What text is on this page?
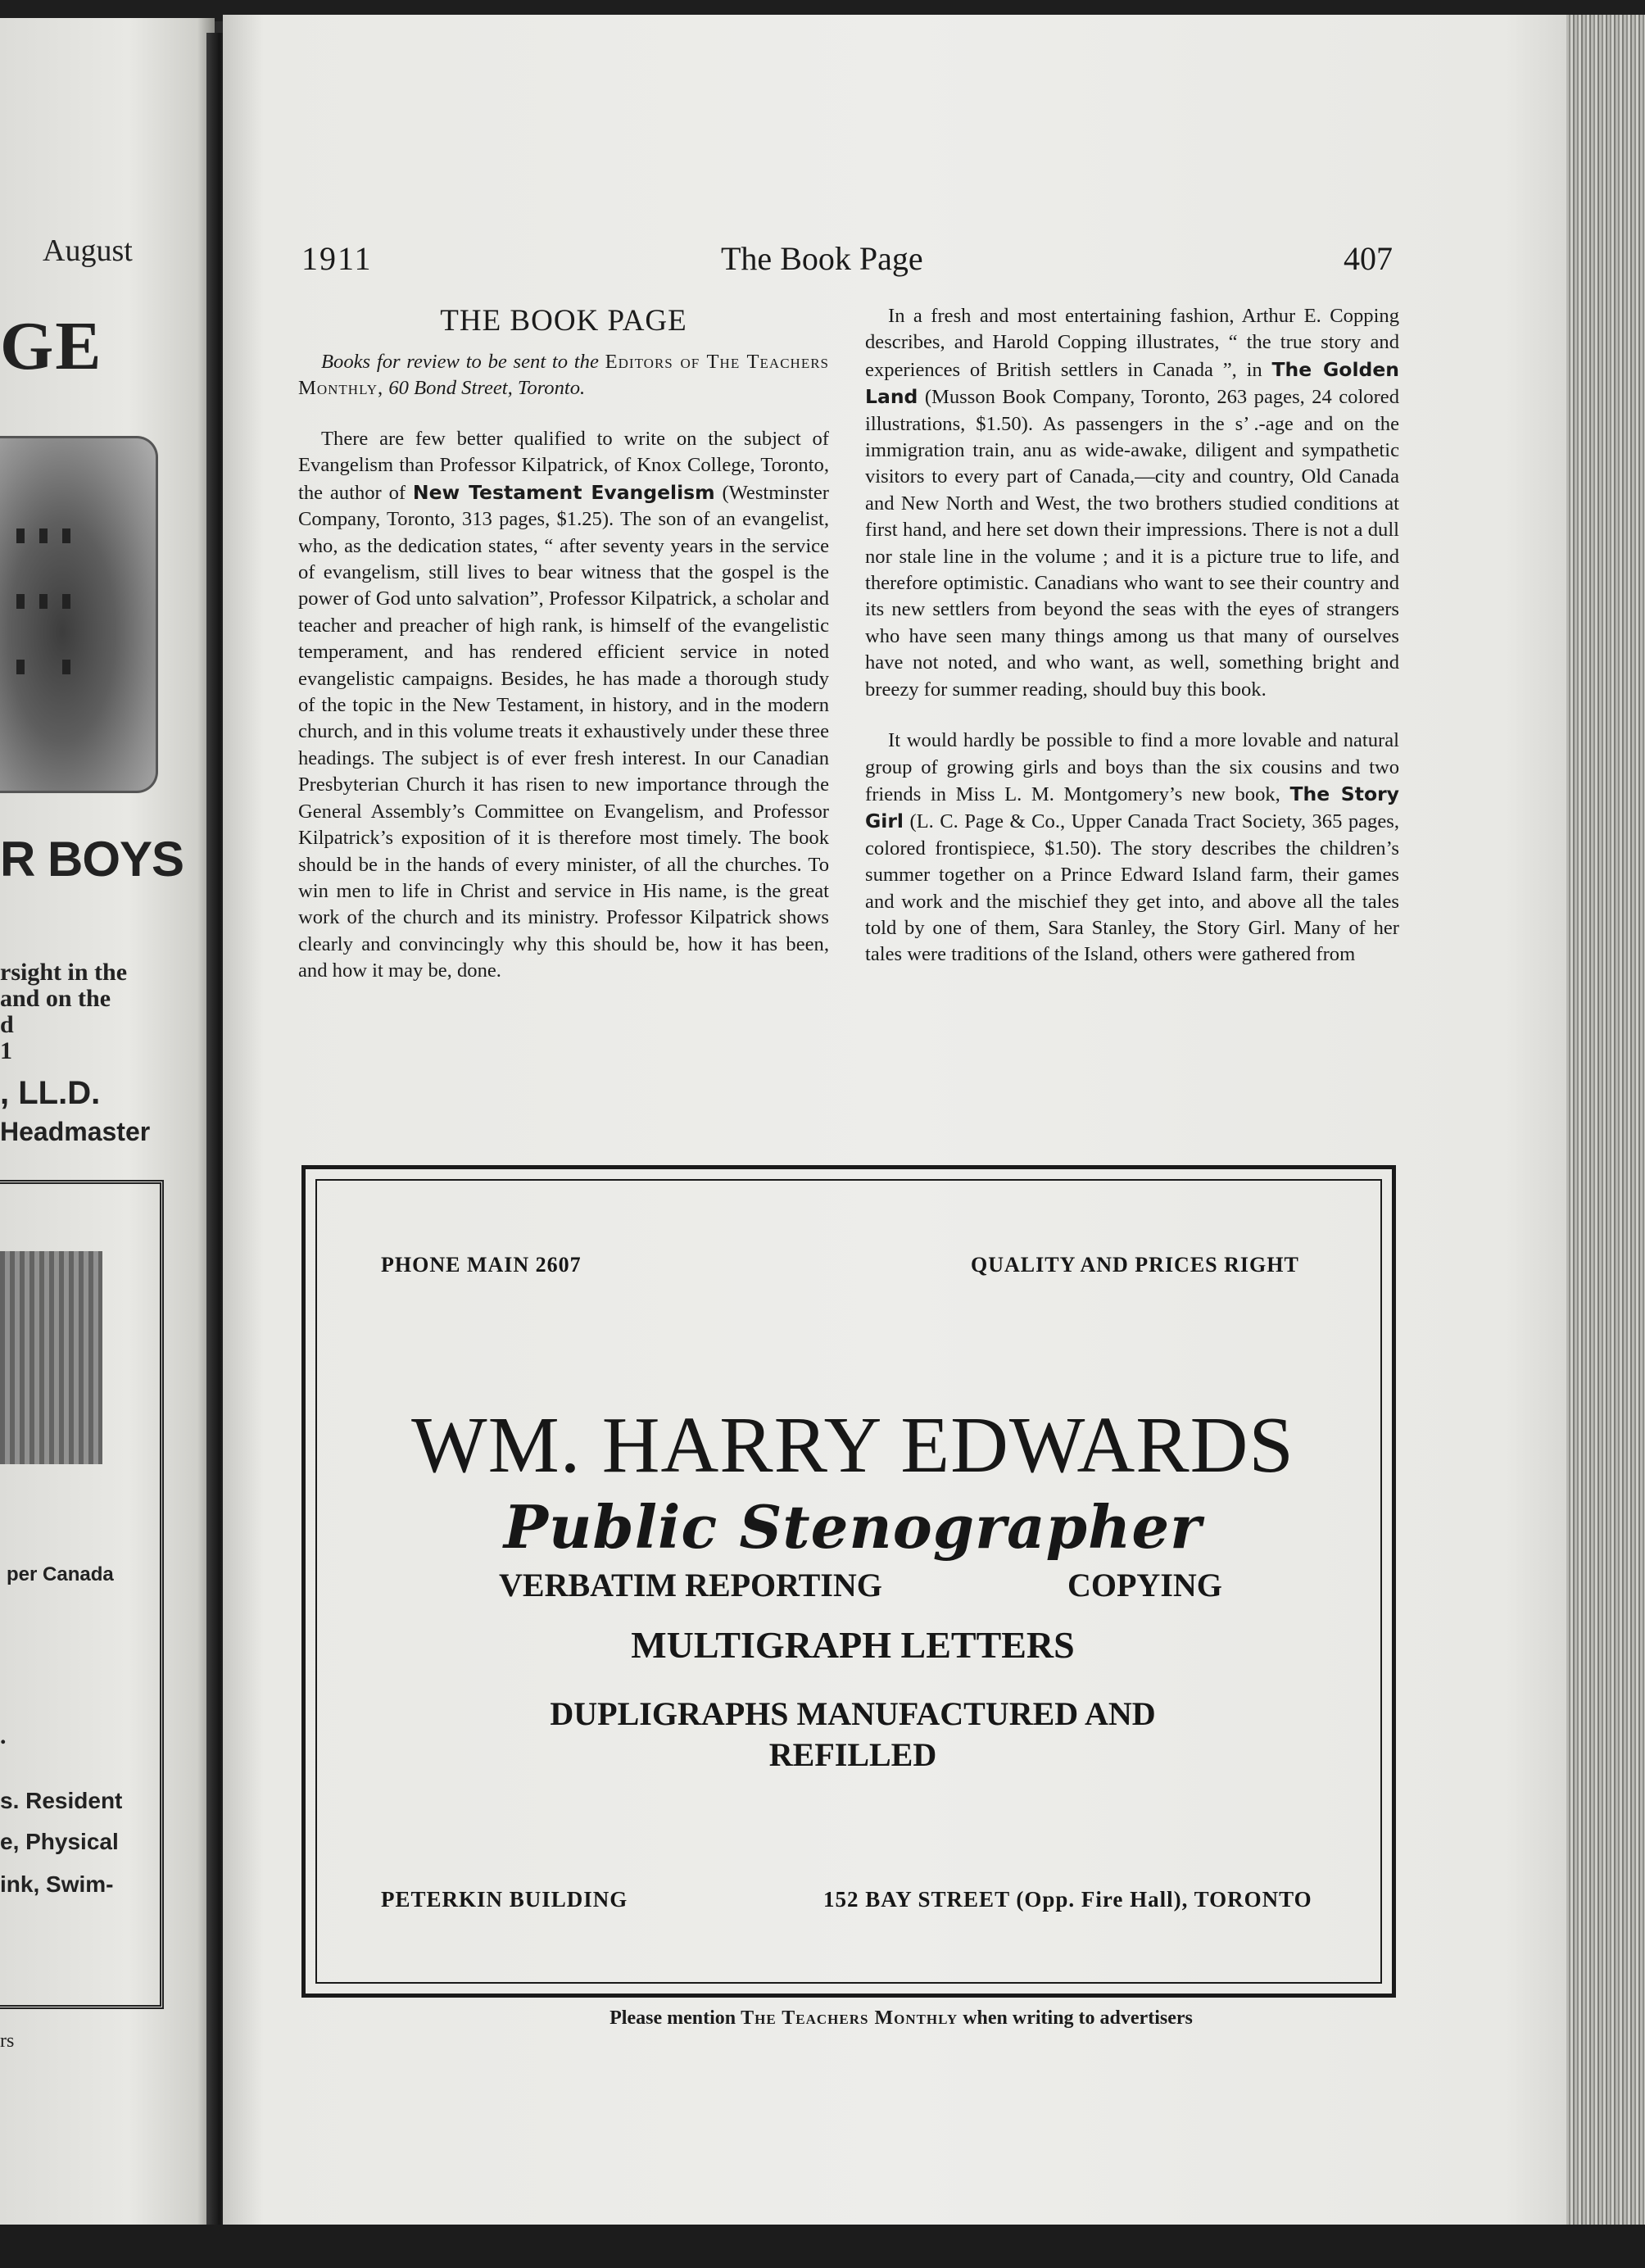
August
GE
R BOYS
rsight in the
and on the
d
1
, LL.D.
Headmaster
per Canada
.
s. Resident
e, Physical
ink, Swim-
rs
1911	The Book Page	407
THE BOOK PAGE

Books for review to be sent to the Editors of The Teachers Monthly, 60 Bond Street, Toronto.

There are few better qualified to write on the subject of Evangelism than Professor Kilpatrick, of Knox College, Toronto, the author of New Testament Evangelism (Westminster Company, Toronto, 313 pages, $1.25). The son of an evangelist, who, as the dedication states, “ after seventy years in the service of evangelism, still lives to bear witness that the gospel is the power of God unto salvation”, Professor Kilpatrick, a scholar and teacher and preacher of high rank, is himself of the evangelistic temperament, and has rendered efficient service in noted evangelistic campaigns. Besides, he has made a thorough study of the topic in the New Testament, in history, and in the modern church, and in this volume treats it exhaustively under these three headings. The subject is of ever fresh interest. In our Canadian Presbyterian Church it has risen to new importance through the General Assembly’s Committee on Evangelism, and Professor Kilpatrick’s exposition of it is therefore most timely. The book should be in the hands of every minister, of all the churches. To win men to life in Christ and service in His name, is the great work of the church and its ministry. Professor Kilpatrick shows clearly and convincingly why this should be, how it has been, and how it may be, done.

In a fresh and most entertaining fashion, Arthur E. Copping describes, and Harold Copping illustrates, “ the true story and experiences of British settlers in Canada ”, in The Golden Land (Musson Book Company, Toronto, 263 pages, 24 colored illustrations, $1.50). As passengers in the s’ .-age and on the immigration train, anu as wide-awake, diligent and sympathetic visitors to every part of Canada,—city and country, Old Canada and New North and West, the two brothers studied conditions at first hand, and here set down their impressions. There is not a dull nor stale line in the volume ; and it is a picture true to life, and therefore optimistic. Canadians who want to see their country and its new settlers from beyond the seas with the eyes of strangers who have seen many things among us that many of ourselves have not noted, and who want, as well, something bright and breezy for summer reading, should buy this book.

It would hardly be possible to find a more lovable and natural group of growing girls and boys than the six cousins and two friends in Miss L. M. Montgomery’s new book, The Story Girl (L. C. Page & Co., Upper Canada Tract Society, 365 pages, colored frontispiece, $1.50). The story describes the children’s summer together on a Prince Edward Island farm, their games and work and the mischief they get into, and above all the tales told by one of them, Sara Stanley, the Story Girl. Many of her tales were traditions of the Island, others were gathered from

PHONE MAIN 2607	QUALITY AND PRICES RIGHT
WM. HARRY EDWARDS
Public Stenographer
VERBATIM REPORTING	COPYING
MULTIGRAPH LETTERS
DUPLIGRAPHS MANUFACTURED AND
REFILLED
PETERKIN BUILDING	152 BAY STREET (Opp. Fire Hall), TORONTO
Please mention The Teachers Monthly when writing to advertisers
